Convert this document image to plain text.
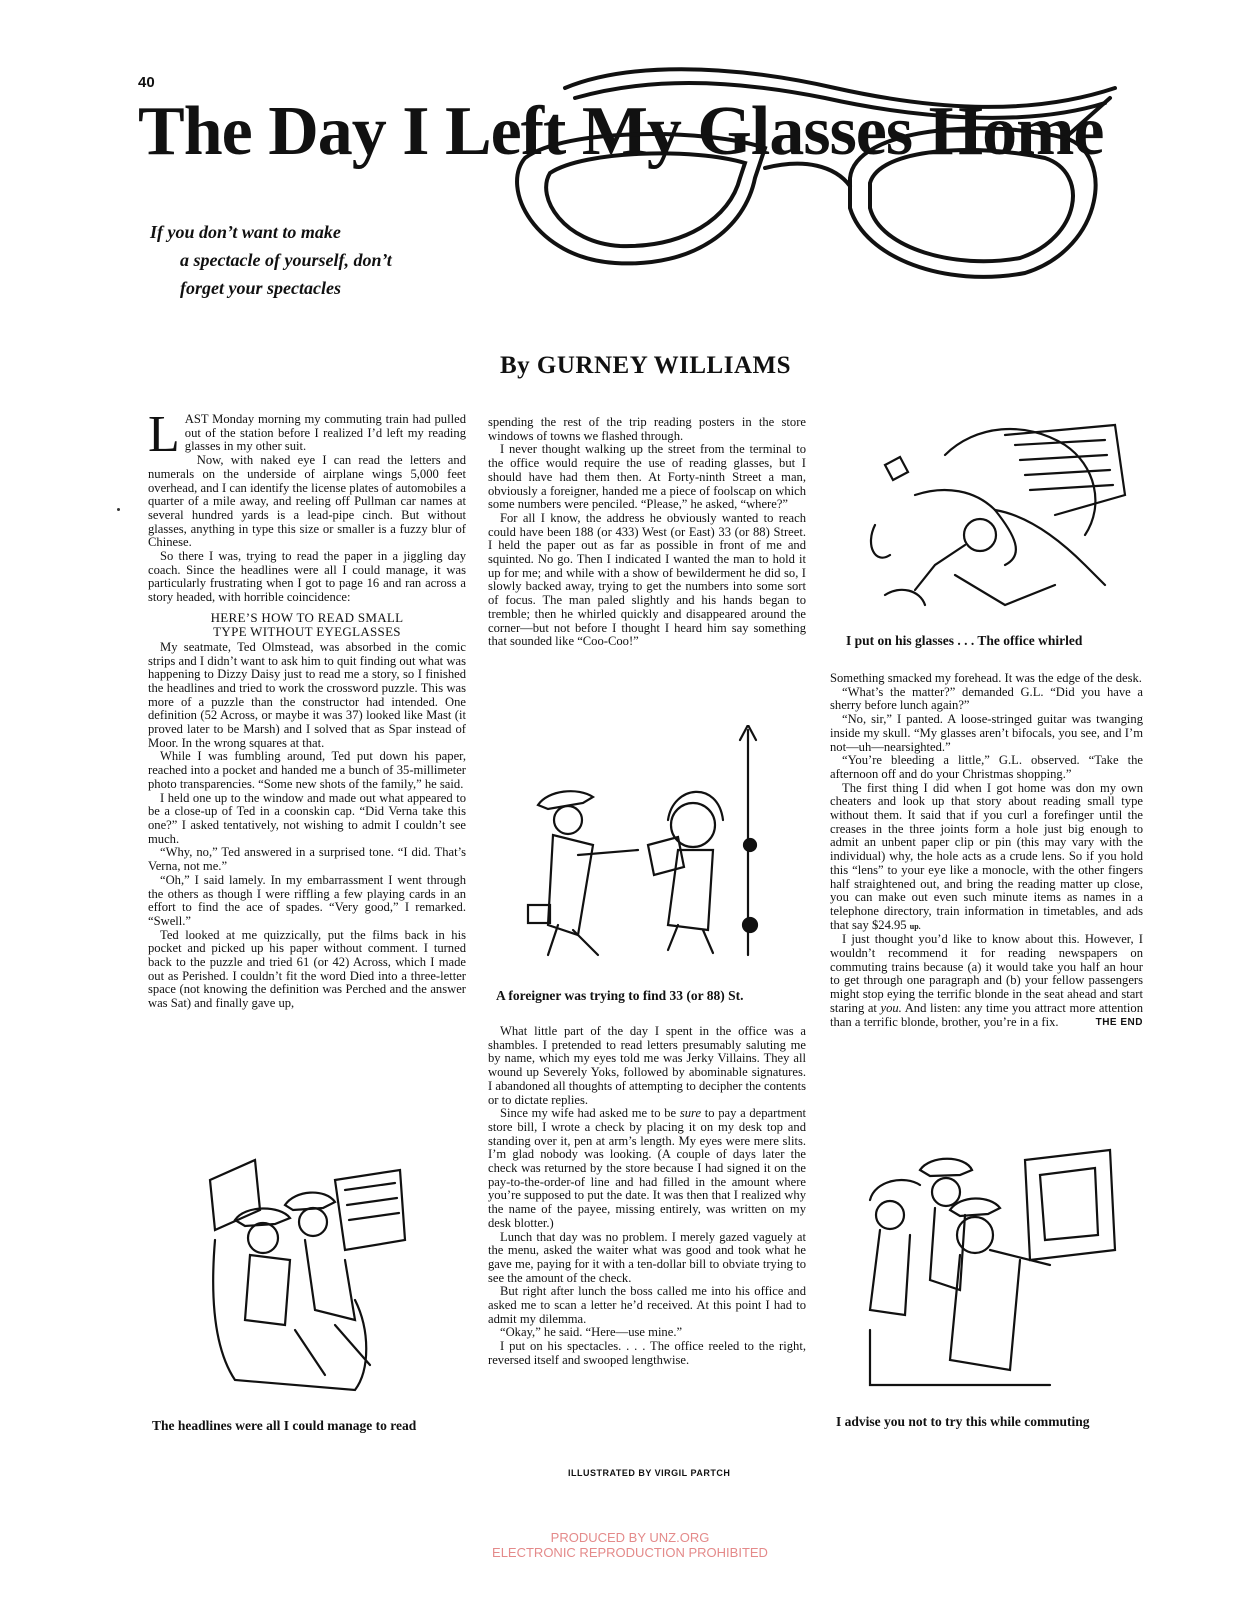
40
The Day I Left My Glasses Home
If you don’t want to make
a spectacle of yourself, don’t
forget your spectacles
By GURNEY WILLIAMS

LAST Monday morning my commuting train had pulled out of the station before I realized I’d left my reading glasses in my other suit.

Now, with naked eye I can read the letters and numerals on the underside of airplane wings 5,000 feet overhead, and I can identify the license plates of automobiles a quarter of a mile away, and reeling off Pullman car names at several hundred yards is a lead-pipe cinch. But without glasses, anything in type this size or smaller is a fuzzy blur of Chinese.

So there I was, trying to read the paper in a jiggling day coach. Since the headlines were all I could manage, it was particularly frustrating when I got to page 16 and ran across a story headed, with horrible coincidence:

HERE’S HOW TO READ SMALL
TYPE WITHOUT EYEGLASSES

My seatmate, Ted Olmstead, was absorbed in the comic strips and I didn’t want to ask him to quit finding out what was happening to Dizzy Daisy just to read me a story, so I finished the headlines and tried to work the crossword puzzle. This was more of a puzzle than the constructor had intended. One definition (52 Across, or maybe it was 37) looked like Mast (it proved later to be Marsh) and I solved that as Spar instead of Moor. In the wrong squares at that.

While I was fumbling around, Ted put down his paper, reached into a pocket and handed me a bunch of 35-millimeter photo transparencies. “Some new shots of the family,” he said.

I held one up to the window and made out what appeared to be a close-up of Ted in a coonskin cap. “Did Verna take this one?” I asked tentatively, not wishing to admit I couldn’t see much.

“Why, no,” Ted answered in a surprised tone. “I did. That’s Verna, not me.”

“Oh,” I said lamely. In my embarrassment I went through the others as though I were riffling a few playing cards in an effort to find the ace of spades. “Very good,” I remarked. “Swell.”

Ted looked at me quizzically, put the films back in his pocket and picked up his paper without comment. I turned back to the puzzle and tried 61 (or 42) Across, which I made out as Perished. I couldn’t fit the word Died into a three-letter space (not knowing the definition was Perched and the answer was Sat) and finally gave up,

spending the rest of the trip reading posters in the store windows of towns we flashed through.

I never thought walking up the street from the terminal to the office would require the use of reading glasses, but I should have had them then. At Forty-ninth Street a man, obviously a foreigner, handed me a piece of foolscap on which some numbers were penciled. “Please,” he asked, “where?”

For all I know, the address he obviously wanted to reach could have been 188 (or 433) West (or East) 33 (or 88) Street. I held the paper out as far as possible in front of me and squinted. No go. Then I indicated I wanted the man to hold it up for me; and while with a show of bewilderment he did so, I slowly backed away, trying to get the numbers into some sort of focus. The man paled slightly and his hands began to tremble; then he whirled quickly and disappeared around the corner—but not before I thought I heard him say something that sounded like “Coo-Coo!”

What little part of the day I spent in the office was a shambles. I pretended to read letters presumably saluting me by name, which my eyes told me was Jerky Villains. They all wound up Severely Yoks, followed by abominable signatures. I abandoned all thoughts of attempting to decipher the contents or to dictate replies.

Since my wife had asked me to be sure to pay a department store bill, I wrote a check by placing it on my desk top and standing over it, pen at arm’s length. My eyes were mere slits. I’m glad nobody was looking. (A couple of days later the check was returned by the store because I had signed it on the pay-to-the-order-of line and had filled in the amount where you’re supposed to put the date. It was then that I realized why the name of the payee, missing entirely, was written on my desk blotter.)

Lunch that day was no problem. I merely gazed vaguely at the menu, asked the waiter what was good and took what he gave me, paying for it with a ten-dollar bill to obviate trying to see the amount of the check.

But right after lunch the boss called me into his office and asked me to scan a letter he’d received. At this point I had to admit my dilemma.

“Okay,” he said. “Here—use mine.”

I put on his spectacles. . . . The office reeled to the right, reversed itself and swooped lengthwise.

Something smacked my forehead. It was the edge of the desk.

“What’s the matter?” demanded G.L. “Did you have a sherry before lunch again?”

“No, sir,” I panted. A loose-stringed guitar was twanging inside my skull. “My glasses aren’t bifocals, you see, and I’m not—uh—nearsighted.”

“You’re bleeding a little,” G.L. observed. “Take the afternoon off and do your Christmas shopping.”

The first thing I did when I got home was don my own cheaters and look up that story about reading small type without them. It said that if you curl a forefinger until the creases in the three joints form a hole just big enough to admit an unbent paper clip or pin (this may vary with the individual) why, the hole acts as a crude lens. So if you hold this “lens” to your eye like a monocle, with the other fingers half straightened out, and bring the reading matter up close, you can make out even such minute items as names in a telephone directory, train information in timetables, and ads that say $24.95 up.

I just thought you’d like to know about this. However, I wouldn’t recommend it for reading newspapers on commuting trains because (a) it would take you half an hour to get through one paragraph and (b) your fellow passengers might stop eying the terrific blonde in the seat ahead and start staring at you. And listen: any time you attract more attention than a terrific blonde, brother, you’re in a fix.	THE END

I put on his glasses . . . The office whirled
A foreigner was trying to find 33 (or 88) St.
The headlines were all I could manage to read	I advise you not to try this while commuting
ILLUSTRATED BY VIRGIL PARTCH
PRODUCED BY UNZ.ORG
ELECTRONIC REPRODUCTION PROHIBITED
